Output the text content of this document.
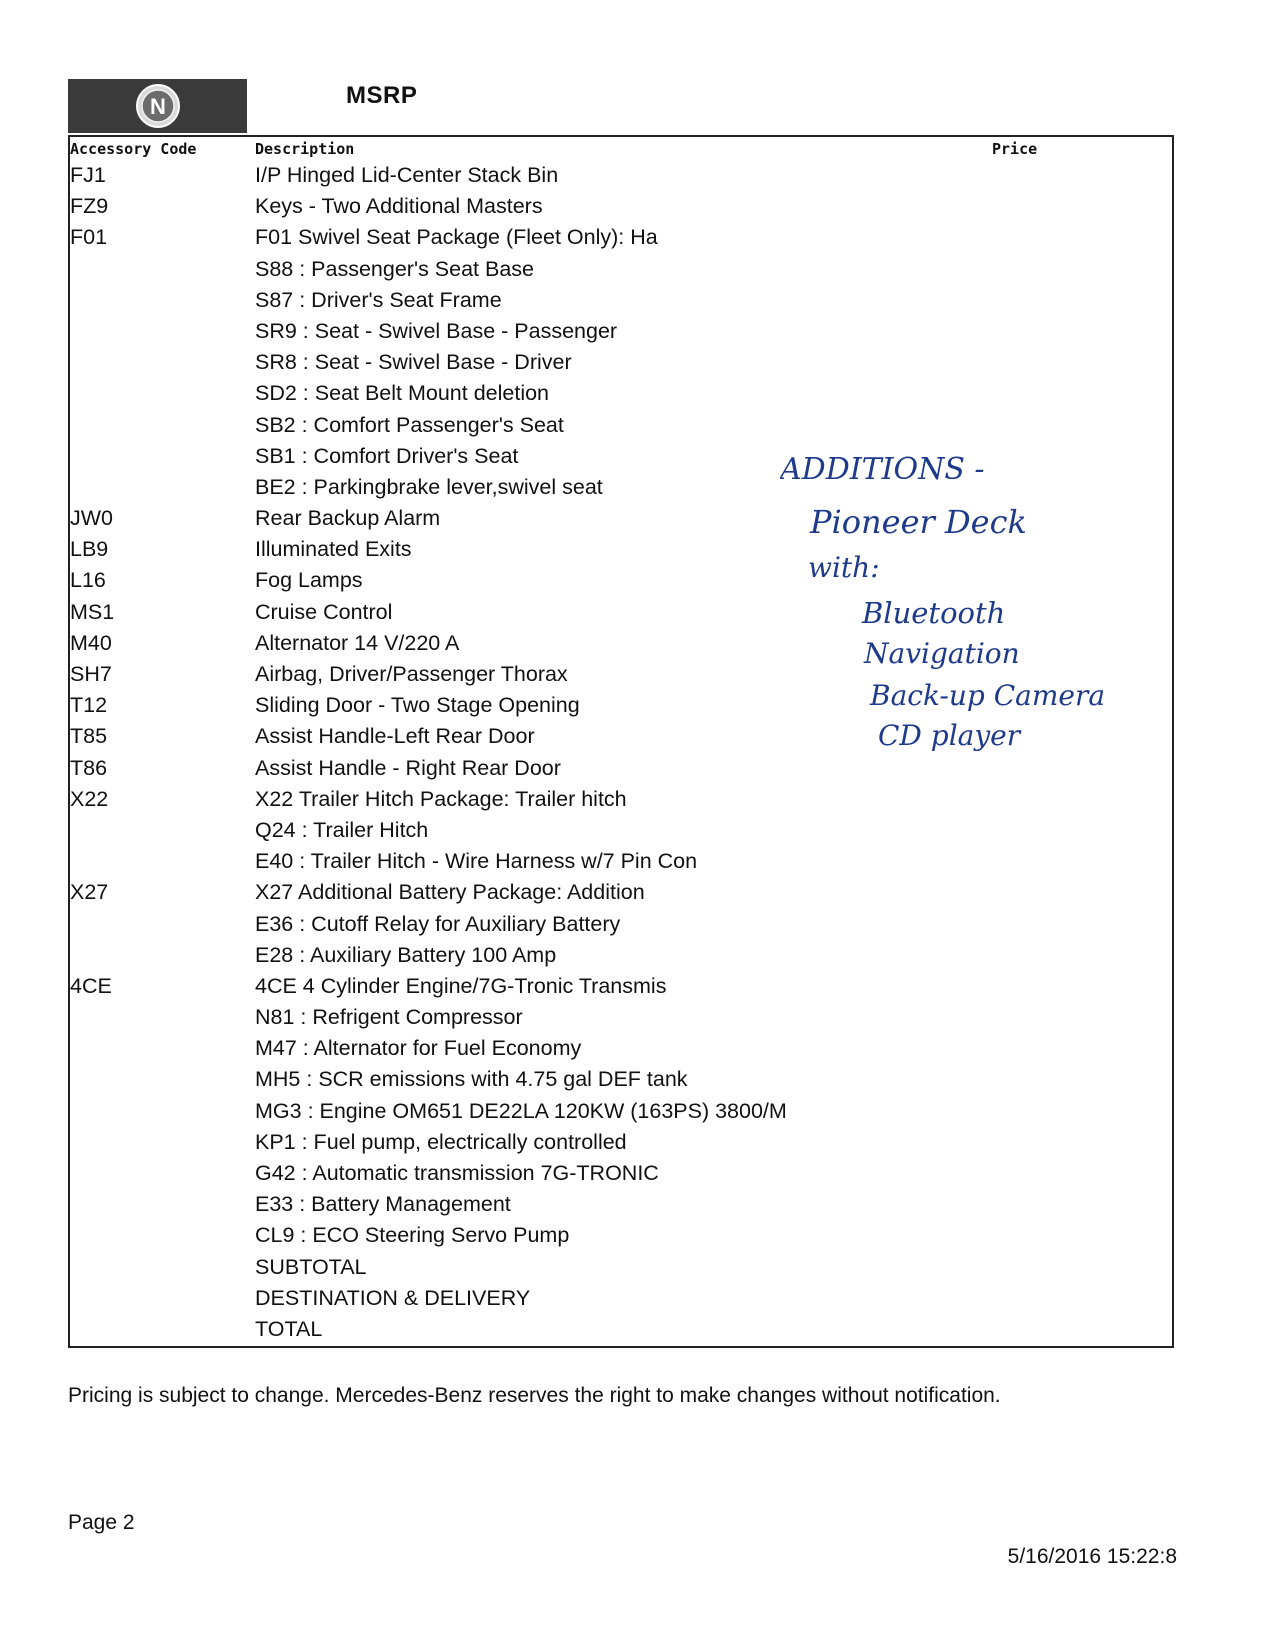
N	MSRP
Accessory Code	Description	Price
FJ1	I/P Hinged Lid-Center Stack Bin
FZ9	Keys - Two Additional Masters
F01	F01 Swivel Seat Package (Fleet Only): Ha
S88 : Passenger's Seat Base
S87 : Driver's Seat Frame
SR9 : Seat - Swivel Base - Passenger
SR8 : Seat - Swivel Base - Driver
SD2 : Seat Belt Mount deletion
SB2 : Comfort Passenger's Seat
SB1 : Comfort Driver's Seat
BE2 : Parkingbrake lever,swivel seat
JW0	Rear Backup Alarm
LB9	Illuminated Exits
L16	Fog Lamps
MS1	Cruise Control
M40	Alternator 14 V/220 A
SH7	Airbag, Driver/Passenger Thorax
T12	Sliding Door - Two Stage Opening
T85	Assist Handle-Left Rear Door
T86	Assist Handle - Right Rear Door
X22	X22 Trailer Hitch Package: Trailer hitch
Q24 : Trailer Hitch
E40 : Trailer Hitch - Wire Harness w/7 Pin Con
X27	X27 Additional Battery Package: Addition
E36 : Cutoff Relay for Auxiliary Battery
E28 : Auxiliary Battery 100 Amp
4CE	4CE 4 Cylinder Engine/7G-Tronic Transmis
N81 : Refrigent Compressor
M47 : Alternator for Fuel Economy
MH5 : SCR emissions with 4.75 gal DEF tank
MG3 : Engine OM651 DE22LA 120KW (163PS) 3800/M
KP1 : Fuel pump, electrically controlled
G42 : Automatic transmission 7G-TRONIC
E33 : Battery Management
CL9 : ECO Steering Servo Pump
SUBTOTAL
DESTINATION & DELIVERY
TOTAL
ADDITIONS -
Pioneer Deck
with:
Bluetooth
Navigation
Back-up Camera
CD player
Pricing is subject to change. Mercedes-Benz reserves the right to make changes without notification.
Page 2
5/16/2016 15:22:8
